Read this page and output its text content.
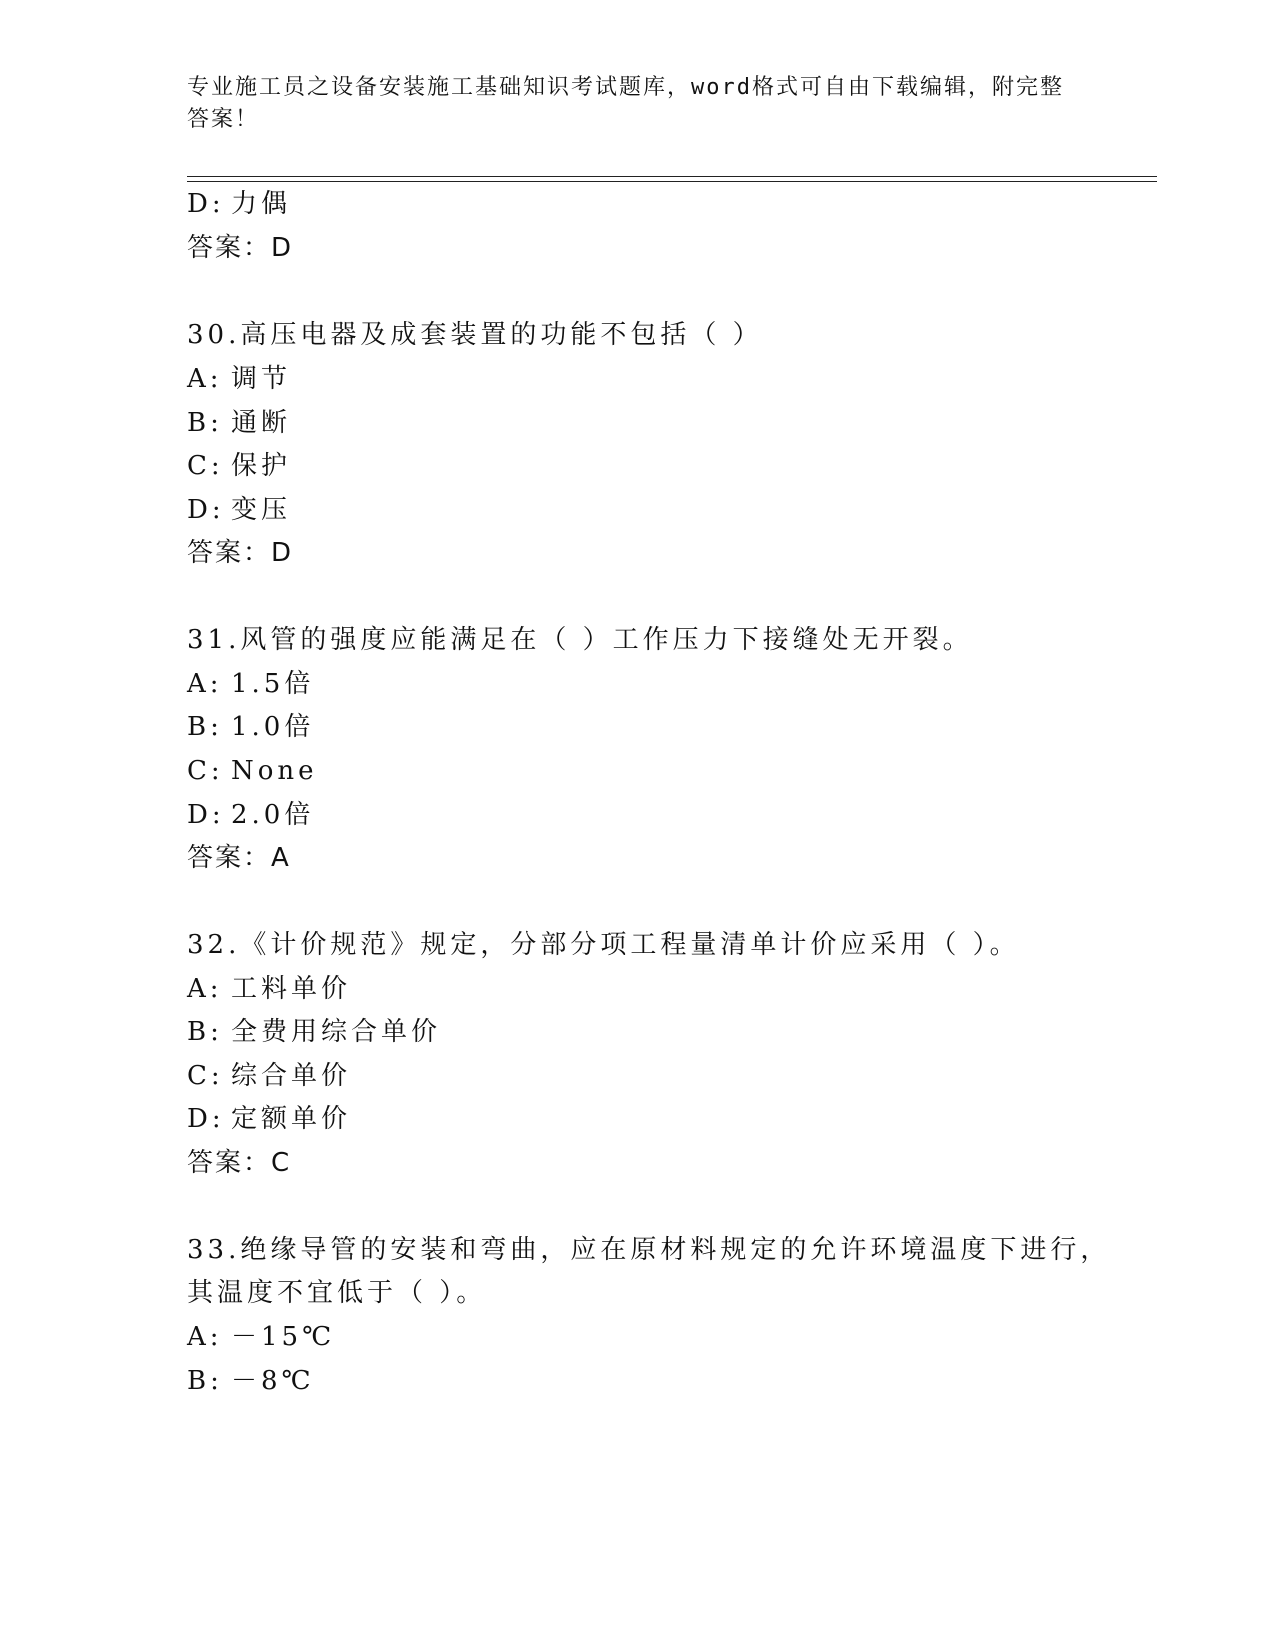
专业施工员之设备安装施工基础知识考试题库，word格式可自由下载编辑，附完整答案！
D: 力偶
答案：D
30.高压电器及成套装置的功能不包括（ ）
A: 调节
B: 通断
C: 保护
D: 变压
答案：D
31.风管的强度应能满足在（ ）工作压力下接缝处无开裂。
A: 1.5倍
B: 1.0倍
C: None
D: 2.0倍
答案：A
32.《计价规范》规定，分部分项工程量清单计价应采用（ ）。
A: 工料单价
B: 全费用综合单价
C: 综合单价
D: 定额单价
答案：C
33.绝缘导管的安装和弯曲，应在原材料规定的允许环境温度下进行，
其温度不宜低于（ ）。
A: －15℃
B: －8℃
